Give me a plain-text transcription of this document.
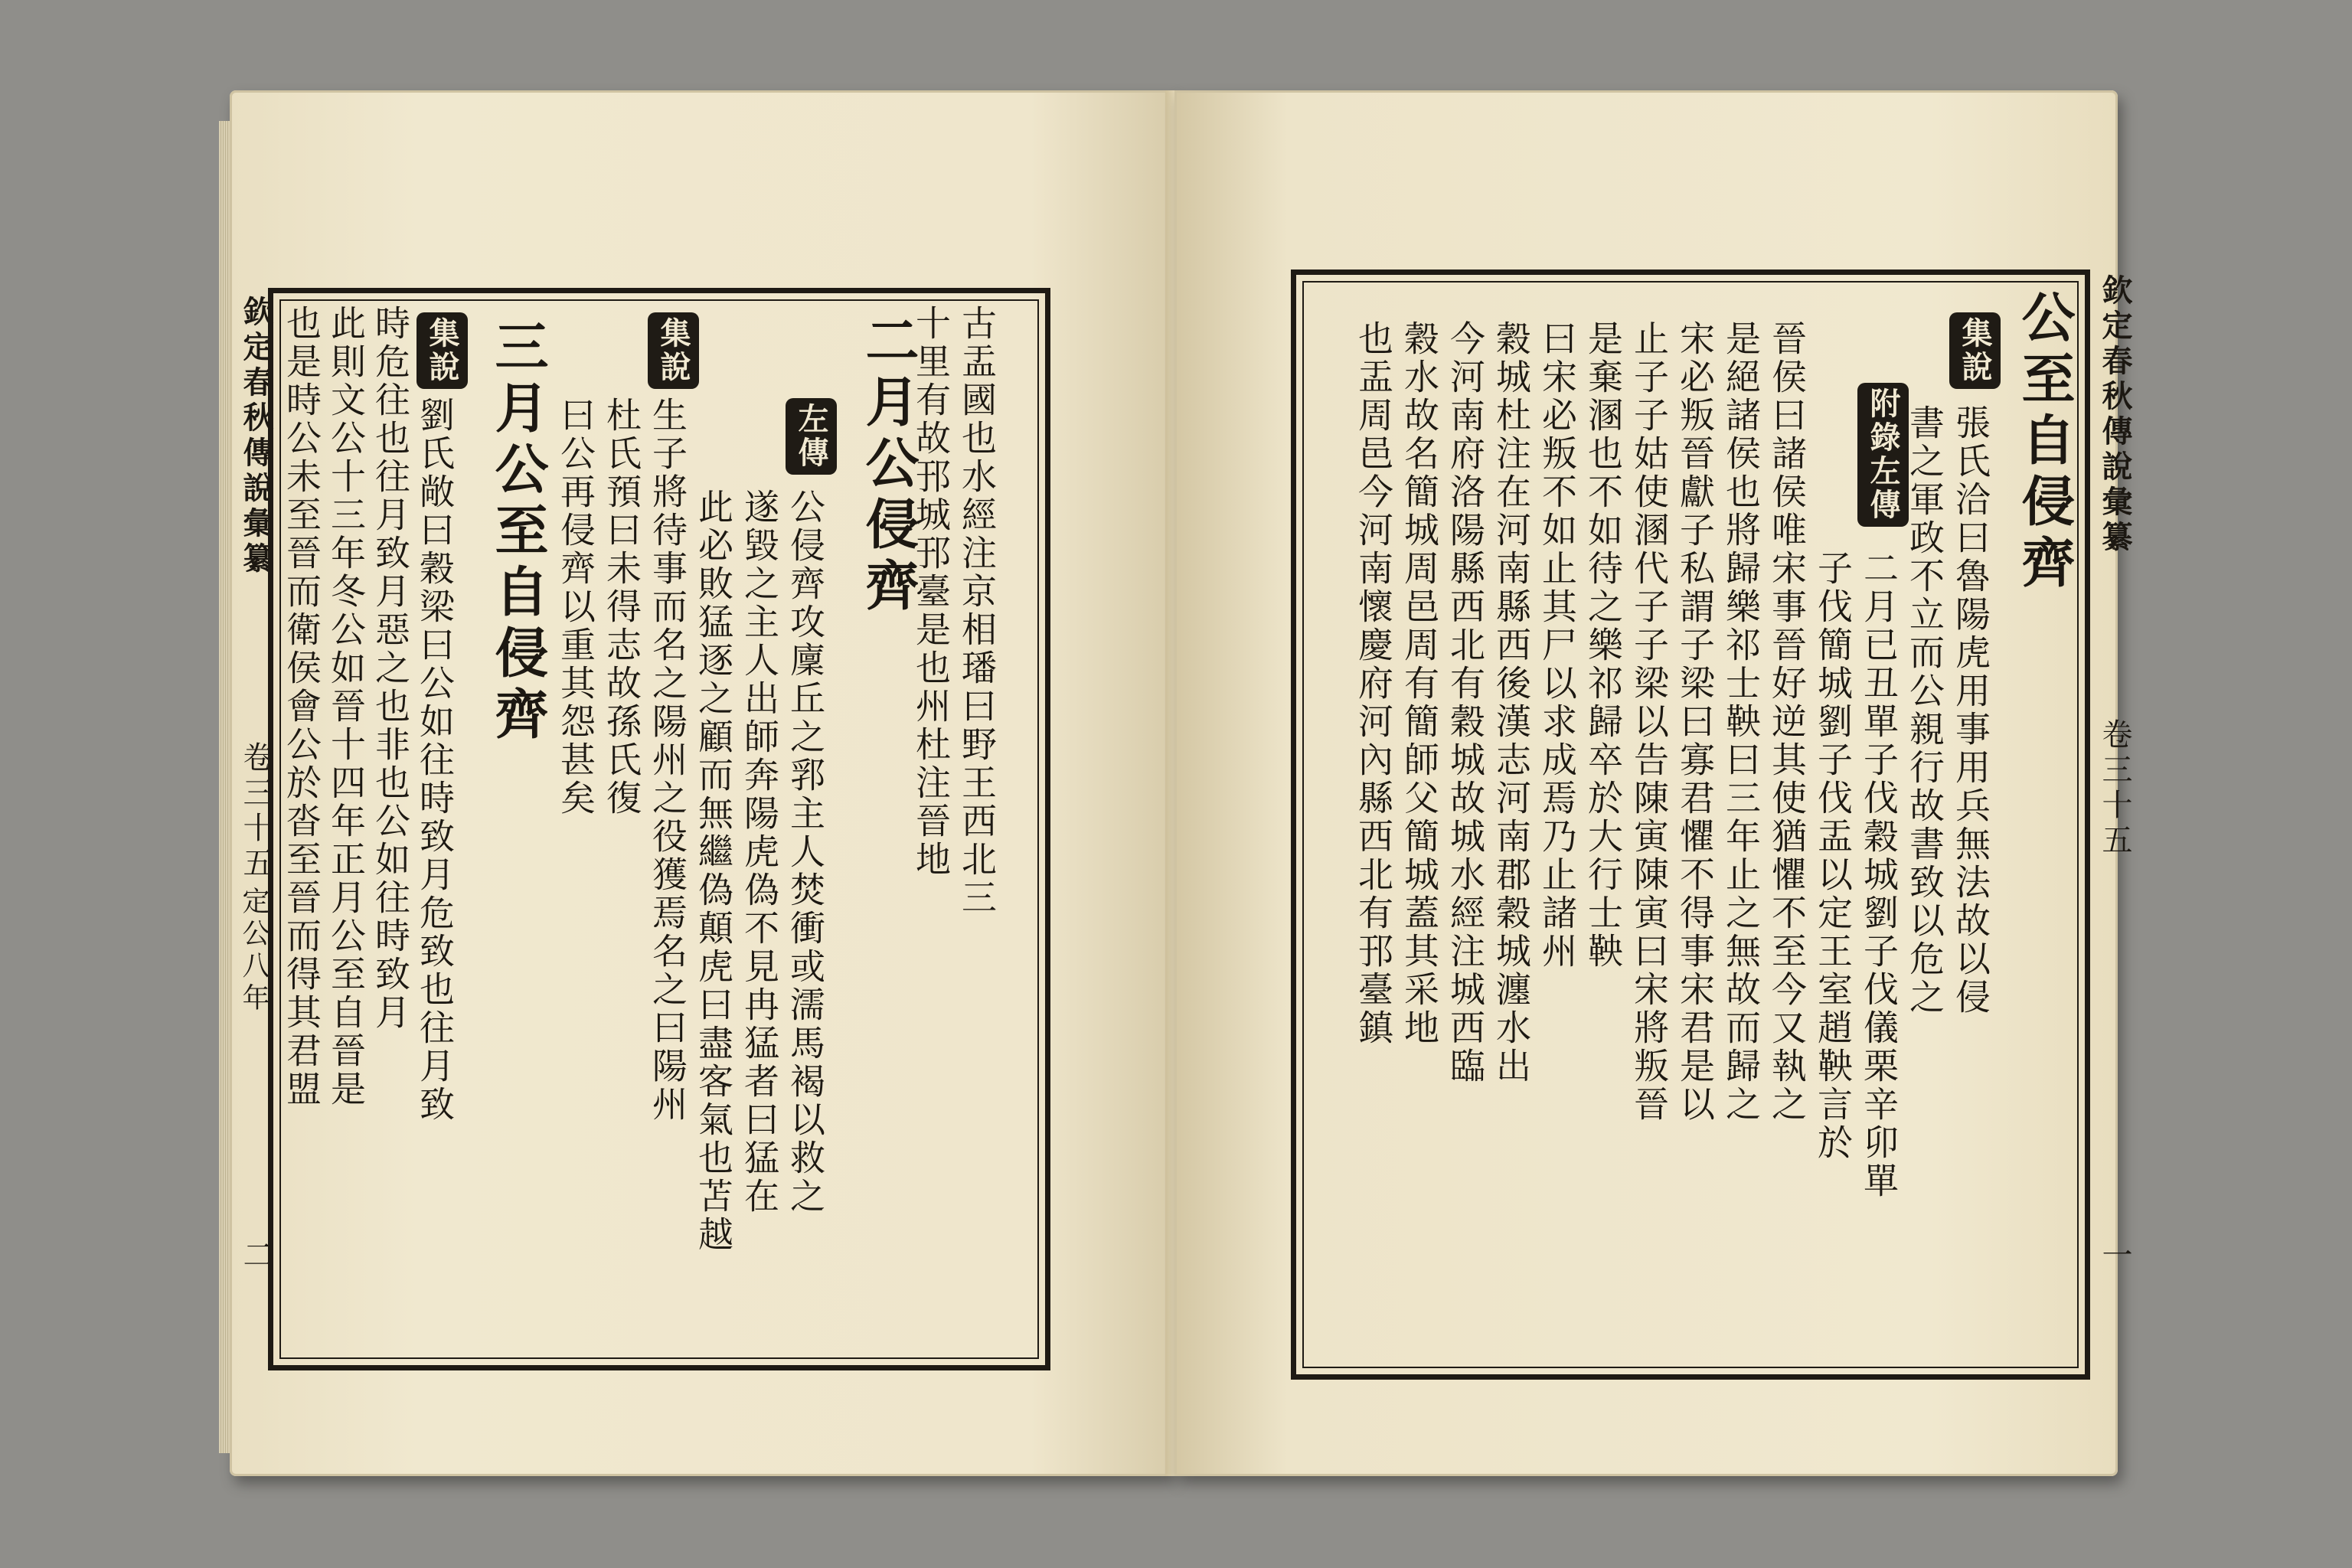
欽定春秋傳說彙纂
卷三十五
定公八年
二
古盂國也水經注京相璠曰野王西北三
十里有故邘城邘臺是也州杜注晉地
二月公侵齊
左傳
公侵齊攻廩丘之郛主人焚衝或濡馬褐以救之
遂毀之主人出師奔陽虎偽不見冉猛者曰猛在
此必敗猛逐之顧而無繼偽顛虎曰盡客氣也苫越
集說
生子將待事而名之陽州之役獲焉名之曰陽州
杜氏預曰未得志故孫氏復
曰公再侵齊以重其怨甚矣
三月公至自侵齊
集說
劉氏敞曰穀梁曰公如往時致月危致也往月致
時危往也往月致月惡之也非也公如往時致月
此則文公十三年冬公如晉十四年正月公至自晉是
也是時公未至晉而衛侯會公於沓至晉而得其君盟	欽定春秋傳說彙纂
卷三十五
一
公至自侵齊
集說
附錄左傳 張氏洽曰魯陽虎用事用兵無法故以侵
書之軍政不立而公親行故書致以危之
二月已丑單子伐穀城劉子伐儀栗辛卯單
子伐簡城劉子伐盂以定王室趙鞅言於
晉侯曰諸侯唯宋事晉好逆其使猶懼不至今又執之
是絕諸侯也將歸樂祁士鞅曰三年止之無故而歸之
宋必叛晉獻子私謂子梁曰寡君懼不得事宋君是以
止子子姑使溷代子子梁以告陳寅陳寅曰宋將叛晉
是棄溷也不如待之樂祁歸卒於大行士鞅
曰宋必叛不如止其尸以求成焉乃止諸州
穀城杜注在河南縣西後漢志河南郡穀城瀍水出
今河南府洛陽縣西北有穀城故城水經注城西臨
穀水故名簡城周邑周有簡師父簡城蓋其采地
也盂周邑今河南懷慶府河內縣西北有邘臺鎮
